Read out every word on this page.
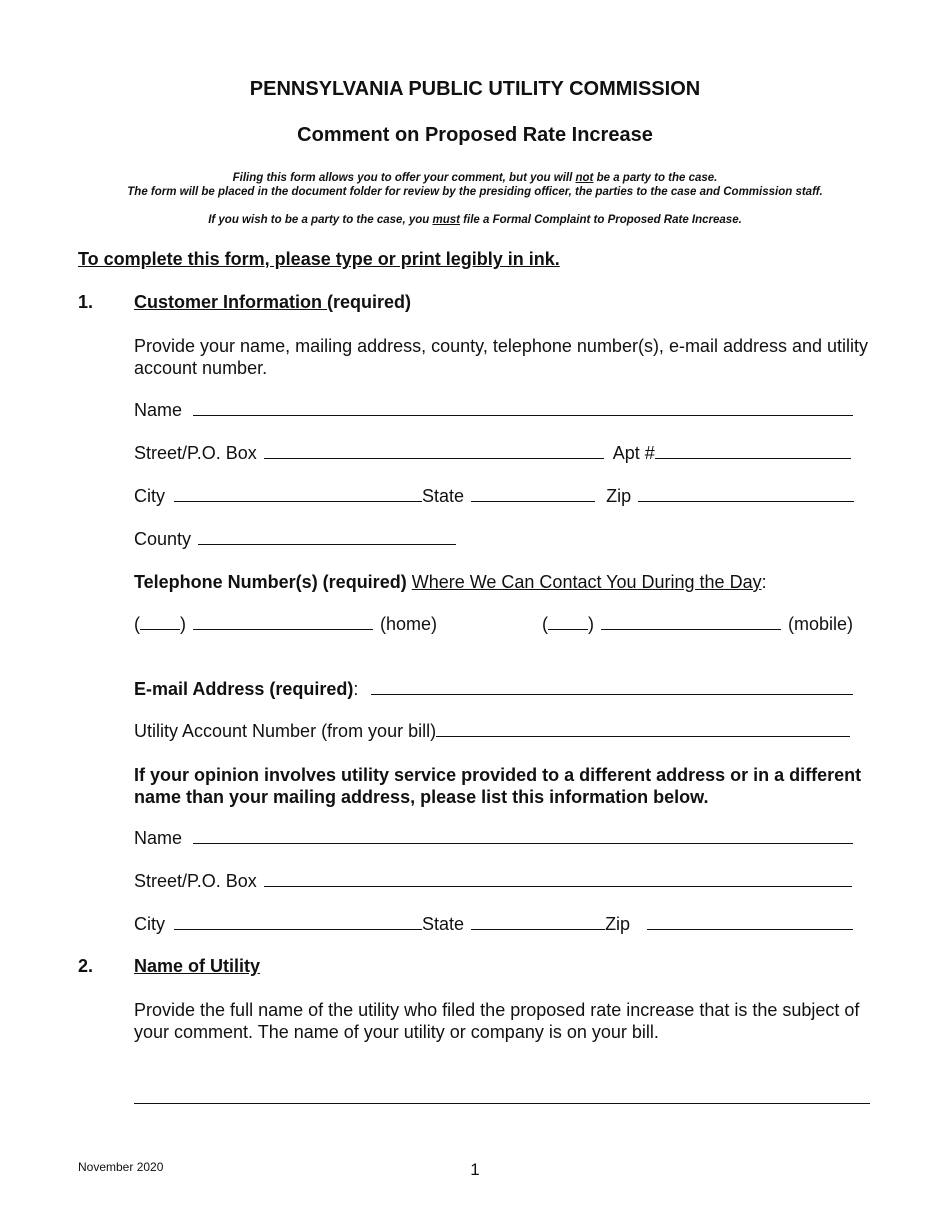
PENNSYLVANIA PUBLIC UTILITY COMMISSION
Comment on Proposed Rate Increase
Filing this form allows you to offer your comment, but you will not be a party to the case.
The form will be placed in the document folder for review by the presiding officer, the parties to the case and Commission staff.
If you wish to be a party to the case, you must file a Formal Complaint to Proposed Rate Increase.
To complete this form, please type or print legibly in ink.
1. Customer Information (required)
Provide your name, mailing address, county, telephone number(s), e-mail address and utility account number.
Name
Street/P.O. Box	Apt #
City	State	Zip
County
Telephone Number(s) (required) Where We Can Contact You During the Day:
( )	(home)	( )	(mobile)
E-mail Address (required):
Utility Account Number (from your bill)
If your opinion involves utility service provided to a different address or in a different name than your mailing address, please list this information below.
Name
Street/P.O. Box
City	State	Zip
2. Name of Utility
Provide the full name of the utility who filed the proposed rate increase that is the subject of your comment. The name of your utility or company is on your bill.
November 2020	1
